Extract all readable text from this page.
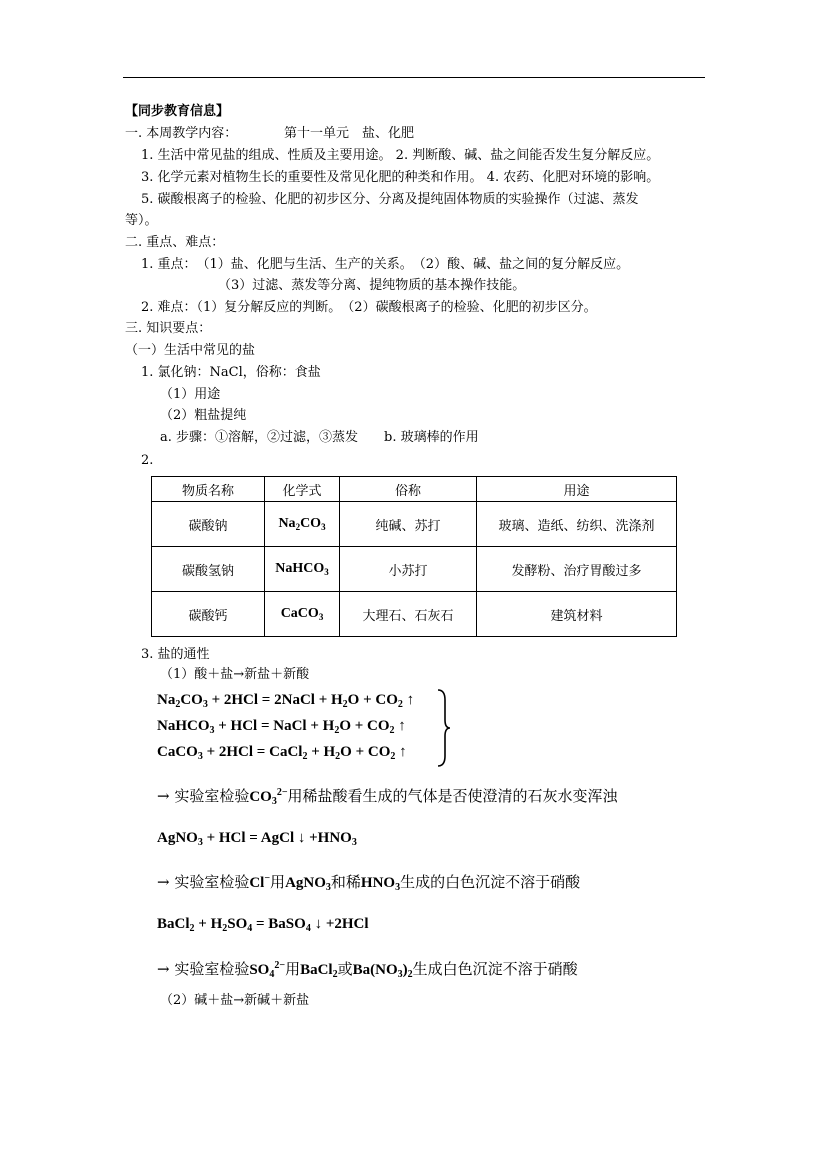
【同步教育信息】
一. 本周教学内容：	第十一单元　盐、化肥
1. 生活中常见盐的组成、性质及主要用途。 2. 判断酸、碱、盐之间能否发生复分解反应。
3. 化学元素对植物生长的重要性及常见化肥的种类和作用。 4. 农药、化肥对环境的影响。
5. 碳酸根离子的检验、化肥的初步区分、分离及提纯固体物质的实验操作（过滤、蒸发
等）。
二. 重点、难点：
1. 重点：　（1）盐、化肥与生活、生产的关系。　（2）酸、碱、盐之间的复分解反应。
（3）过滤、蒸发等分离、提纯物质的基本操作技能。
2. 难点：（1）复分解反应的判断。　（2）碳酸根离子的检验、化肥的初步区分。
三. 知识要点：
（一）生活中常见的盐
1. 氯化钠：NaCl，俗称：食盐
（1）用途
（2）粗盐提纯
a. 步骤：①溶解，②过滤，③蒸发　　b. 玻璃棒的作用
2.
物质名称	化学式	俗称	用途
碳酸钠	$Na_2CO_3$	纯碱、苏打	玻璃、造纸、纺织、洗涤剂
碳酸氢钠	NaHCO$_3$	小苏打	发酵粉、治疗胃酸过多
碳酸钙	CaCO$_3$	大理石、石灰石	建筑材料
3. 盐的通性
（1）酸＋盐→新盐＋新酸
$Na_2CO_3 + 2HCl$ = 2NaCl + $H_2O + CO_2$ ↑
NaHCO$_3$ + HCl = NaCl + $H_2O + CO_2$ ↑
CaCO$_3$ + 2HCl = CaCl$_2$ + $H_2O + CO_2$ ↑
→ 实验室检验$CO_3^{2-}$用稀盐酸看生成的气体是否使澄清的石灰水变浑浊
AgNO$_3$ + HCl = AgCl ↓ $+HNO_3$
→ 实验室检验Cl−用AgNO$_3$和稀$HNO_3$生成的白色沉淀不溶于硝酸
BaCl$_2$ + $H_2SO_4$ = BaSO$_4$ ↓ +2HCl
→ 实验室检验$SO_4^{2-}$用BaCl$_2$或$Ba(NO_3)_2$生成白色沉淀不溶于硝酸
（2）碱＋盐→新碱＋新盐
